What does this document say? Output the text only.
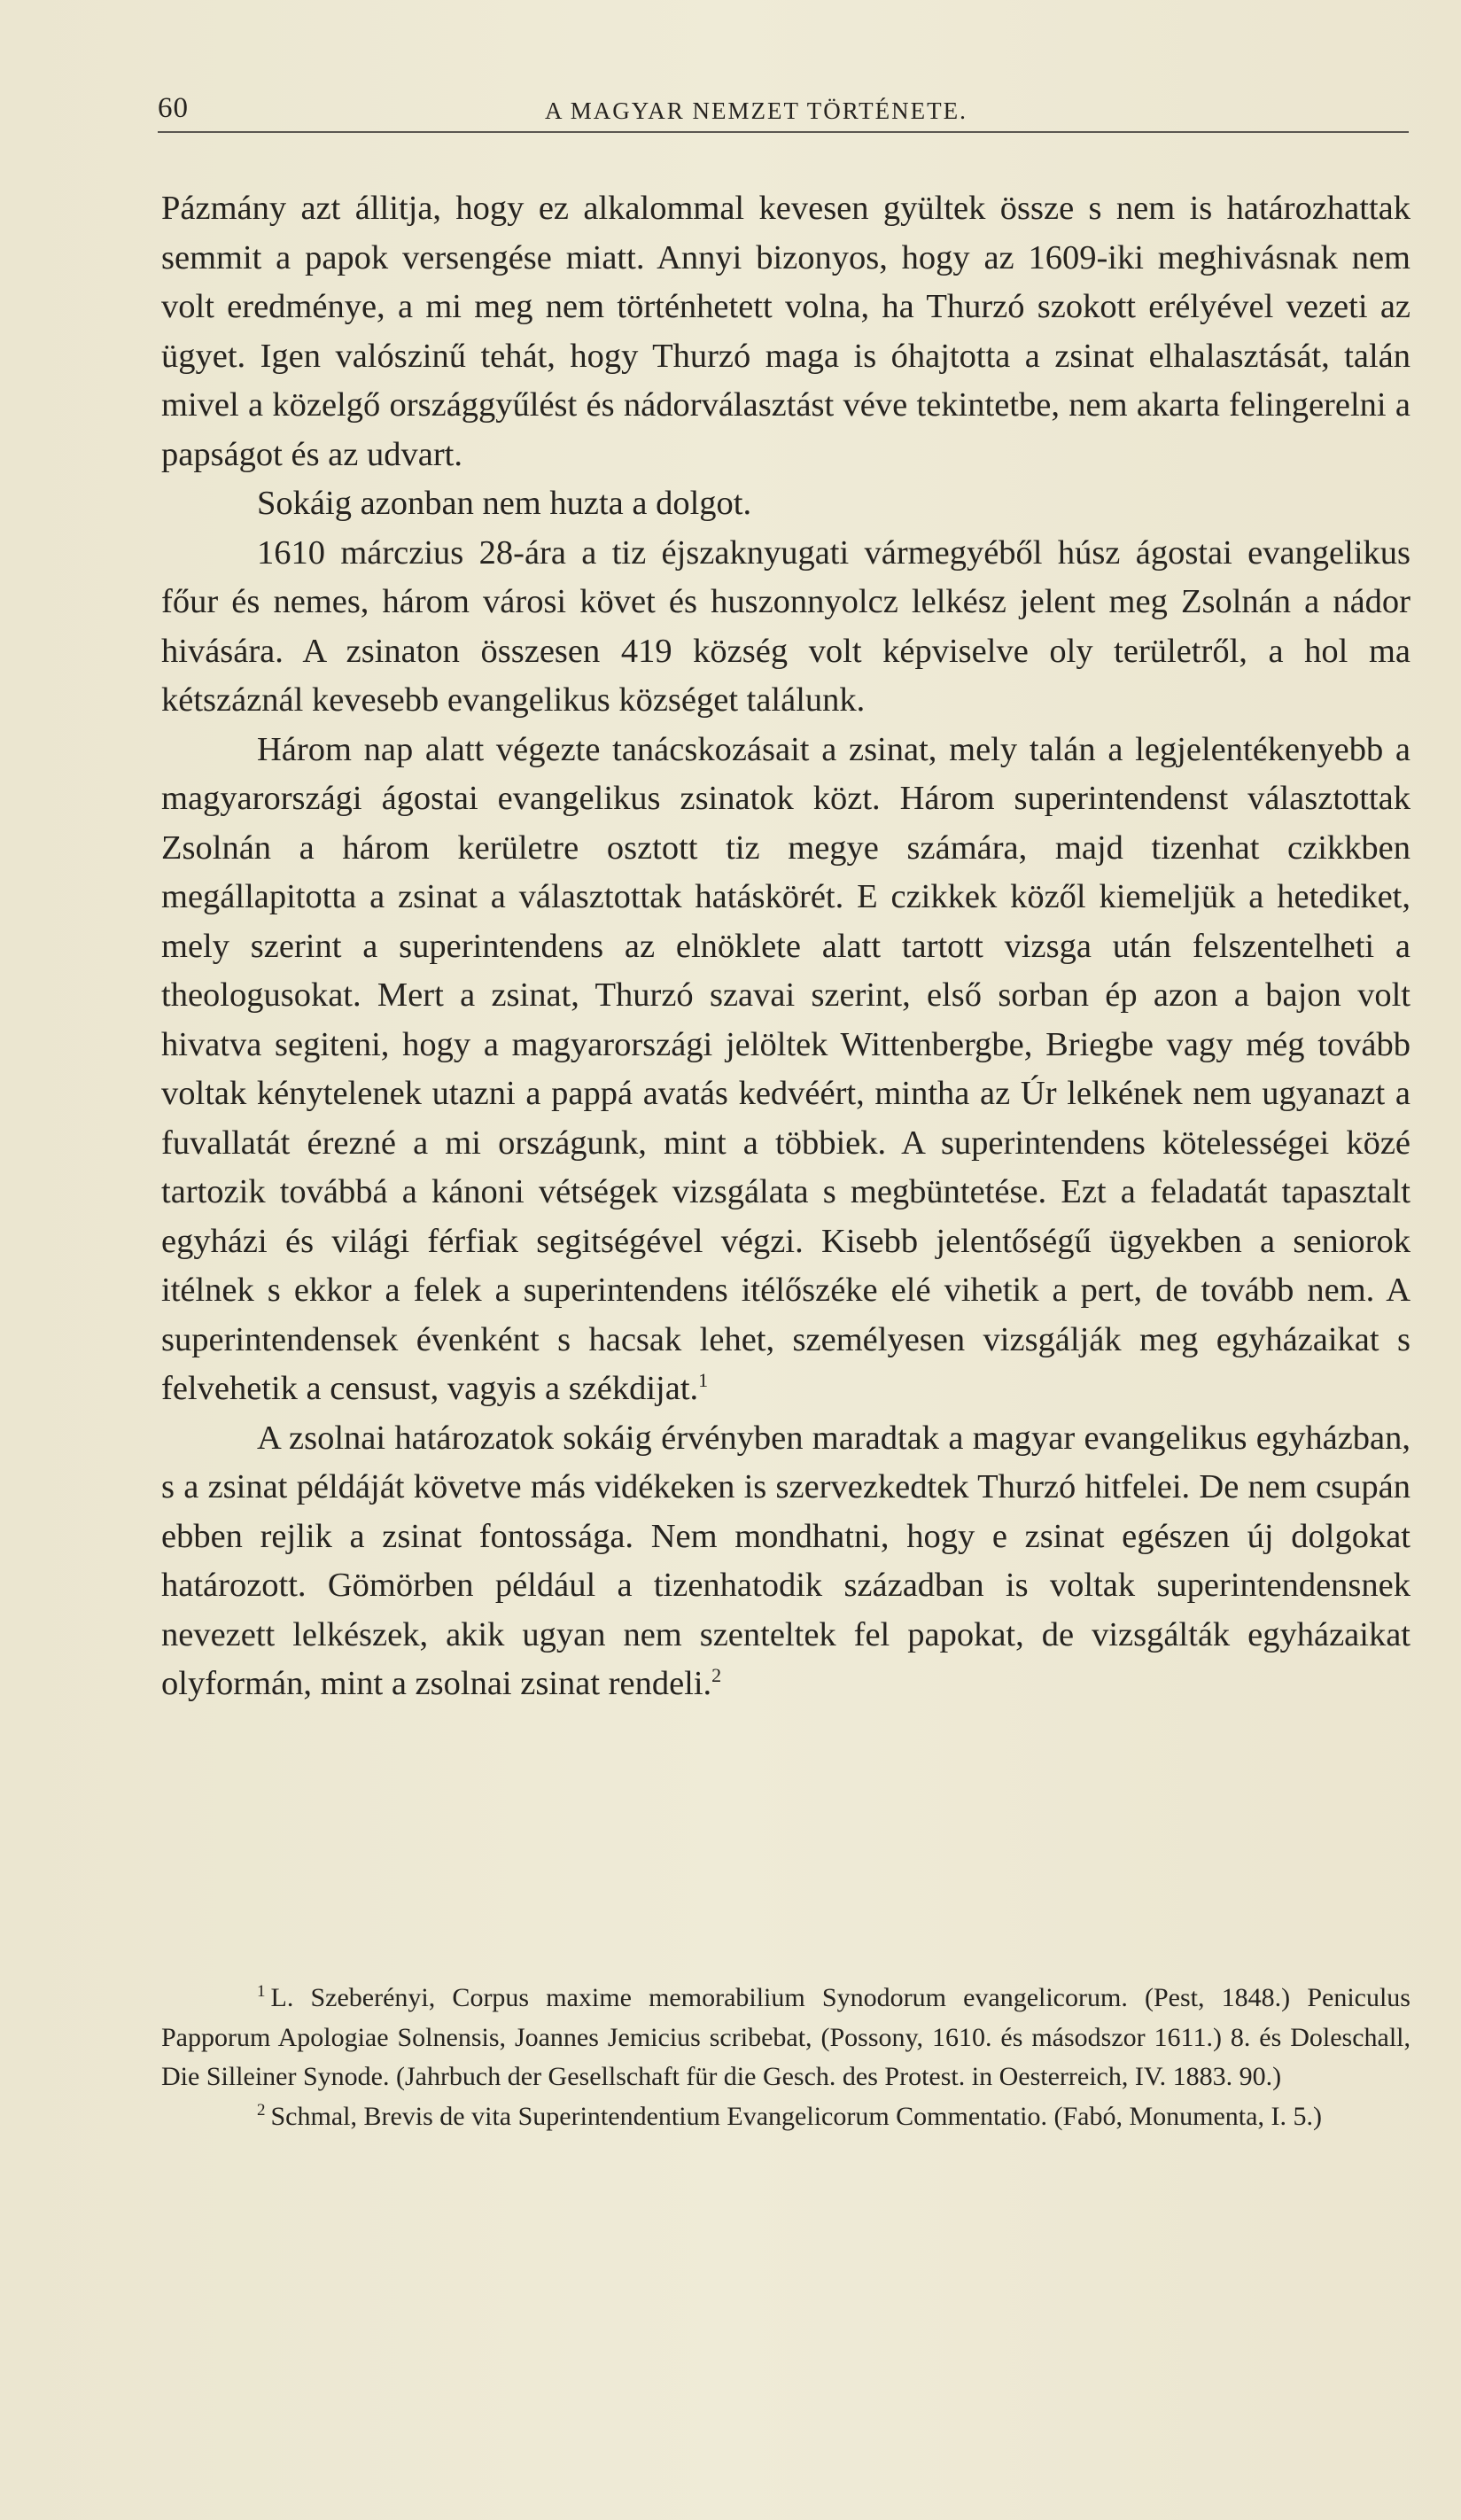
60	A MAGYAR NEMZET TÖRTÉNETE.

Pázmány azt állitja, hogy ez alkalommal kevesen gyültek össze s nem is határozhattak semmit a papok versengése miatt. Annyi bizonyos, hogy az 1609-iki meghivásnak nem volt eredménye, a mi meg nem történhetett volna, ha Thurzó szokott erélyével vezeti az ügyet. Igen valószinű tehát, hogy Thurzó maga is óhajtotta a zsinat elhalasztását, talán mivel a közelgő országgyűlést és nádorválasztást véve tekintetbe, nem akarta felingerelni a papságot és az udvart.

Sokáig azonban nem huzta a dolgot.

1610 márczius 28-ára a tiz éjszaknyugati vármegyéből húsz ágostai evangelikus főur és nemes, három városi követ és huszonnyolcz lelkész jelent meg Zsolnán a nádor hivására. A zsinaton összesen 419 község volt képviselve oly területről, a hol ma kétszáznál kevesebb evangelikus községet találunk.

Három nap alatt végezte tanácskozásait a zsinat, mely talán a legjelentékenyebb a magyarországi ágostai evangelikus zsinatok közt. Három superintendenst választottak Zsolnán a három kerületre osztott tiz megye számára, majd tizenhat czikkben megállapitotta a zsinat a választottak hatáskörét. E czikkek közől kiemeljük a hetediket, mely szerint a superintendens az elnöklete alatt tartott vizsga után felszentelheti a theologusokat. Mert a zsinat, Thurzó szavai szerint, első sorban ép azon a bajon volt hivatva segiteni, hogy a magyarországi jelöltek Wittenbergbe, Briegbe vagy még tovább voltak kénytelenek utazni a pappá avatás kedvéért, mintha az Úr lelkének nem ugyanazt a fuvallatát érezné a mi országunk, mint a többiek. A superintendens kötelességei közé tartozik továbbá a kánoni vétségek vizsgálata s megbüntetése. Ezt a feladatát tapasztalt egyházi és világi férfiak segitségével végzi. Kisebb jelentőségű ügyekben a seniorok itélnek s ekkor a felek a superintendens itélőszéke elé vihetik a pert, de tovább nem. A superintendensek évenként s hacsak lehet, személyesen vizsgálják meg egyházaikat s felvehetik a censust, vagyis a székdijat.$^1$

A zsolnai határozatok sokáig érvényben maradtak a magyar evangelikus egyházban, s a zsinat példáját követve más vidékeken is szervezkedtek Thurzó hitfelei. De nem csupán ebben rejlik a zsinat fontossága. Nem mondhatni, hogy e zsinat egészen új dolgokat határozott. Gömörben például a tizenhatodik században is voltak superintendensnek nevezett lelkészek, akik ugyan nem szenteltek fel papokat, de vizsgálták egyházaikat olyformán, mint a zsolnai zsinat rendeli.$^2$

$^1$ L. Szeberényi, Corpus maxime memorabilium Synodorum evangelicorum. (Pest, 1848.) Peniculus Papporum Apologiae Solnensis, Joannes Jemicius scribebat, (Possony, 1610. és másodszor 1611.) 8. és Doleschall, Die Silleiner Synode. (Jahrbuch der Gesellschaft für die Gesch. des Protest. in Oesterreich, IV. 1883. 90.)

$^2$ Schmal, Brevis de vita Superintendentium Evangelicorum Commentatio. (Fabó, Monumenta, I. 5.)
